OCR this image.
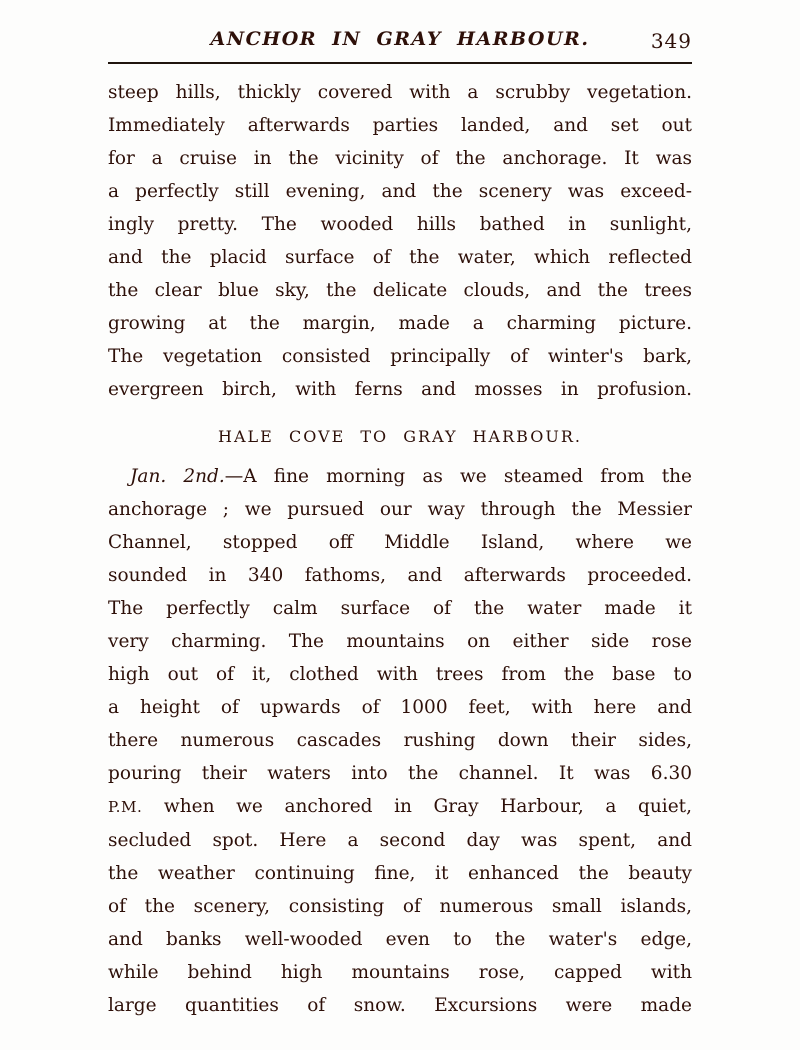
ANCHOR IN GRAY HARBOUR.	349
steep hills, thickly covered with a scrubby vegetation.
Immediately afterwards parties landed, and set out
for a cruise in the vicinity of the anchorage. It was
a perfectly still evening, and the scenery was exceed-
ingly pretty. The wooded hills bathed in sunlight,
and the placid surface of the water, which reflected
the clear blue sky, the delicate clouds, and the trees
growing at the margin, made a charming picture.
The vegetation consisted principally of winter's bark,
evergreen birch, with ferns and mosses in profusion.
HALE COVE TO GRAY HARBOUR.
Jan. 2nd.—A fine morning as we steamed from the
anchorage ; we pursued our way through the Messier
Channel, stopped off Middle Island, where we
sounded in 340 fathoms, and afterwards proceeded.
The perfectly calm surface of the water made it
very charming. The mountains on either side rose
high out of it, clothed with trees from the base to
a height of upwards of 1000 feet, with here and
there numerous cascades rushing down their sides,
pouring their waters into the channel. It was 6.30
P.M. when we anchored in Gray Harbour, a quiet,
secluded spot. Here a second day was spent, and
the weather continuing fine, it enhanced the beauty
of the scenery, consisting of numerous small islands,
and banks well-wooded even to the water's edge,
while behind high mountains rose, capped with
large quantities of snow. Excursions were made
